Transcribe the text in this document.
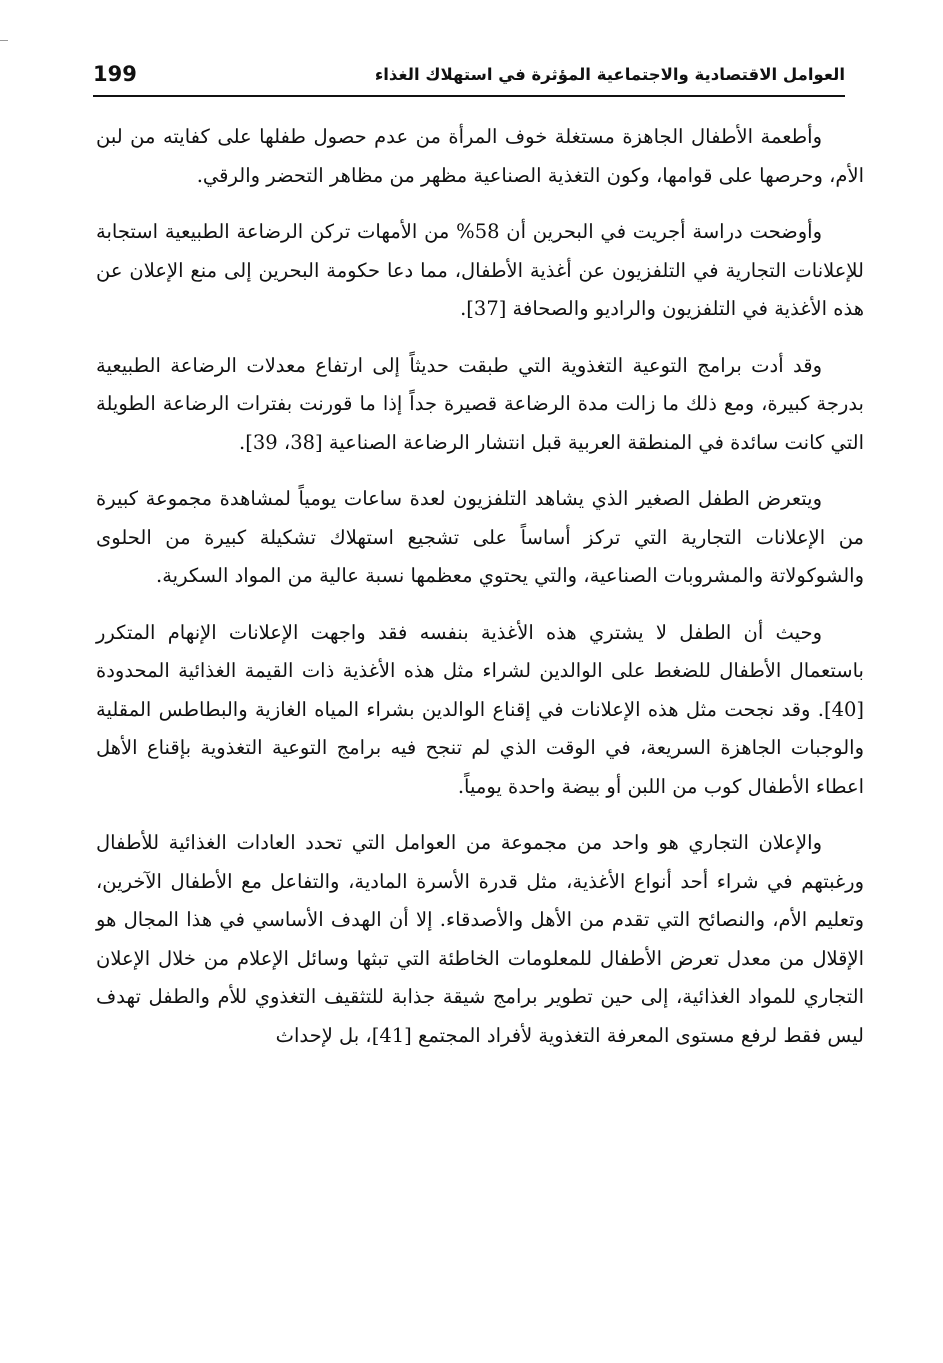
199	العوامل الاقتصادية والاجتماعية المؤثرة في استهلاك الغذاء

وأطعمة الأطفال الجاهزة مستغلة خوف المرأة من عدم حصول طفلها على كفايته من لبن الأم، وحرصها على قوامها، وكون التغذية الصناعية مظهر من مظاهر التحضر والرقي.

وأوضحت دراسة أجريت في البحرين أن 58% من الأمهات تركن الرضاعة الطبيعية استجابة للإعلانات التجارية في التلفزيون عن أغذية الأطفال، مما دعا حكومة البحرين إلى منع الإعلان عن هذه الأغذية في التلفزيون والراديو والصحافة [37].

وقد أدت برامج التوعية التغذوية التي طبقت حديثاً إلى ارتفاع معدلات الرضاعة الطبيعية بدرجة كبيرة، ومع ذلك ما زالت مدة الرضاعة قصيرة جداً إذا ما قورنت بفترات الرضاعة الطويلة التي كانت سائدة في المنطقة العربية قبل انتشار الرضاعة الصناعية [38، 39].

ويتعرض الطفل الصغير الذي يشاهد التلفزيون لعدة ساعات يومياً لمشاهدة مجموعة كبيرة من الإعلانات التجارية التي تركز أساساً على تشجيع استهلاك تشكيلة كبيرة من الحلوى والشوكولاتة والمشروبات الصناعية، والتي يحتوي معظمها نسبة عالية من المواد السكرية.

وحيث أن الطفل لا يشتري هذه الأغذية بنفسه فقد واجهت الإعلانات الإنهام المتكرر باستعمال الأطفال للضغط على الوالدين لشراء مثل هذه الأغذية ذات القيمة الغذائية المحدودة [40]. وقد نجحت مثل هذه الإعلانات في إقناع الوالدين بشراء المياه الغازية والبطاطس المقلية والوجبات الجاهزة السريعة، في الوقت الذي لم تنجح فيه برامج التوعية التغذوية بإقناع الأهل اعطاء الأطفال كوب من اللبن أو بيضة واحدة يومياً.

والإعلان التجاري هو واحد من مجموعة من العوامل التي تحدد العادات الغذائية للأطفال ورغبتهم في شراء أحد أنواع الأغذية، مثل قدرة الأسرة المادية، والتفاعل مع الأطفال الآخرين، وتعليم الأم، والنصائح التي تقدم من الأهل والأصدقاء. إلا أن الهدف الأساسي في هذا المجال هو الإقلال من معدل تعرض الأطفال للمعلومات الخاطئة التي تبثها وسائل الإعلام من خلال الإعلان التجاري للمواد الغذائية، إلى حين تطوير برامج شيقة جذابة للتثقيف التغذوي للأم والطفل تهدف ليس فقط لرفع مستوى المعرفة التغذوية لأفراد المجتمع [41]، بل لإحداث
